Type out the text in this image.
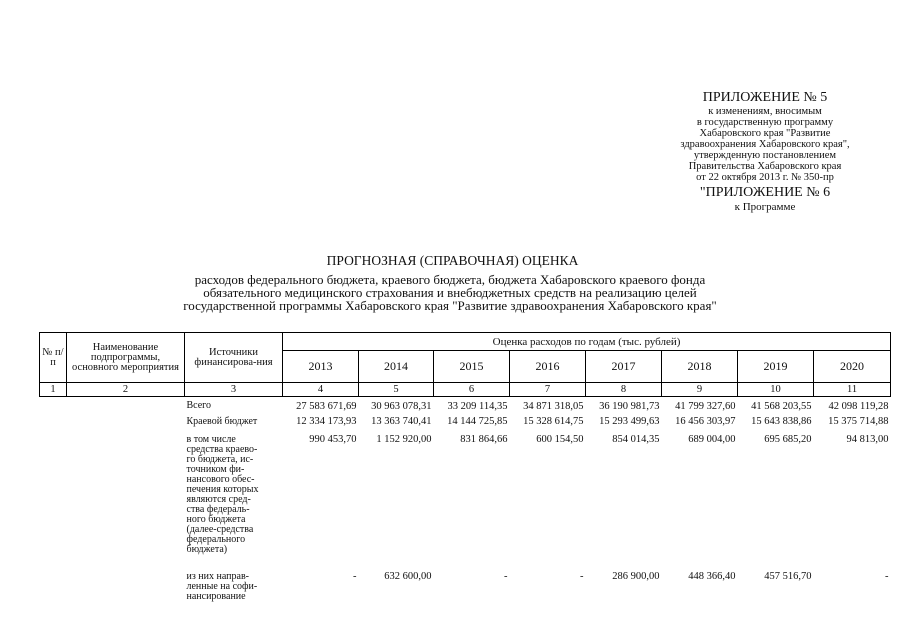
ПРИЛОЖЕНИЕ № 5
к изменениям, вносимым
в государственную программу
Хабаровского края "Развитие
здравоохранения Хабаровского края",
утвержденную постановлением
Правительства Хабаровского края
от 22 октября 2013 г. № 350-пр
"ПРИЛОЖЕНИЕ № 6
к Программе
ПРОГНОЗНАЯ (СПРАВОЧНАЯ) ОЦЕНКА
расходов федерального бюджета, краевого бюджета, бюджета Хабаровского краевого фонда
обязательного медицинского страхования и внебюджетных средств на реализацию целей
государственной программы Хабаровского края "Развитие здравоохранения Хабаровского края"
№ п/п	Наименование подпрограммы, основного мероприятия	Источники финансирова-ния	Оценка расходов по годам (тыс. рублей)							
			2013	2014	2015	2016	2017	2018	2019	2020
1	2	3	4	5	6	7	8	9	10	11
		Всего	27 583 671,69	30 963 078,31	33 209 114,35	34 871 318,05	36 190 981,73	41 799 327,60	41 568 203,55	42 098 119,28
		Краевой бюджет	12 334 173,93	13 363 740,41	14 144 725,85	15 328 614,75	15 293 499,63	16 456 303,97	15 643 838,86	15 375 714,88
		в том числе средства краево-го бюджета, ис-точником фи-нансового обес-печения которых являются сред-ства федераль-ного бюджета (далее-средства федерального бюджета)	990 453,70	1 152 920,00	831 864,66	600 154,50	854 014,35	689 004,00	695 685,20	94 813,00
		из них направ-ленные на софи-нансирование	-	632 600,00	-	-	286 900,00	448 366,40	457 516,70	-
